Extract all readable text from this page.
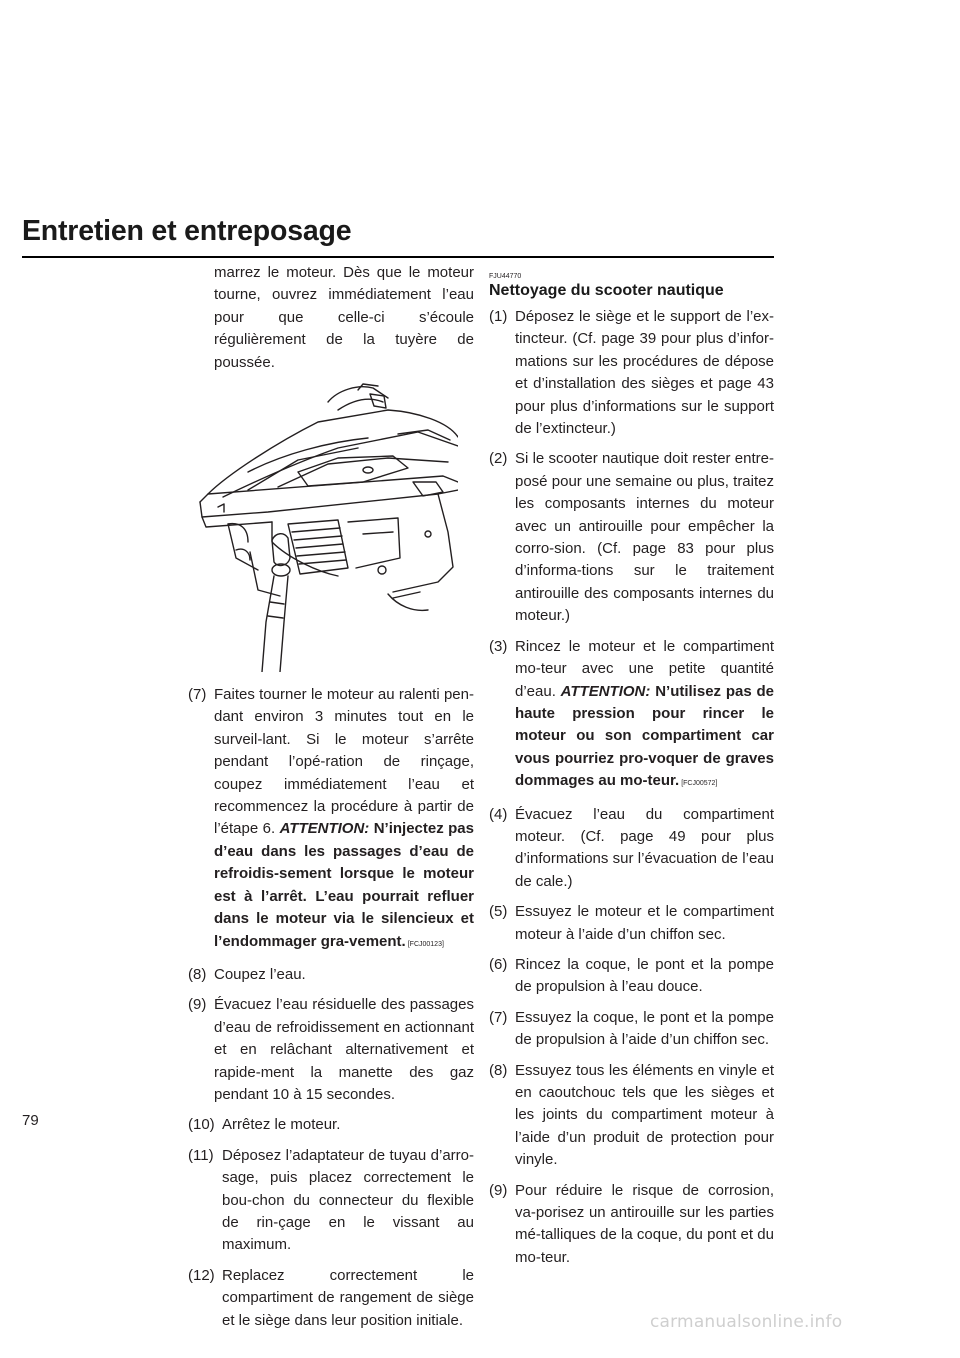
Entretien et entreposage

marrez le moteur. Dès que le moteur tourne, ouvrez immédiatement l’eau pour que celle-ci s’écoule régulièrement de la tuyère de poussée.

(7) Faites tourner le moteur au ralenti pen-dant environ 3 minutes tout en le surveil-lant. Si le moteur s’arrête pendant l’opé-ration de rinçage, coupez immédiatement l’eau et recommencez la procédure à partir de l’étape 6. ATTENTION: N’injectez pas d’eau dans les passages d’eau de refroidis-sement lorsque le moteur est à l’arrêt. L’eau pourrait refluer dans le moteur via le silencieux et l’endommager gra-vement. [FCJ00123]
(8) Coupez l’eau.
(9) Évacuez l’eau résiduelle des passages d’eau de refroidissement en actionnant et en relâchant alternativement et rapide-ment la manette des gaz pendant 10 à 15 secondes.
(10) Arrêtez le moteur.
(11) Déposez l’adaptateur de tuyau d’arro-sage, puis placez correctement le bou-chon du connecteur du flexible de rin-çage en le vissant au maximum.
(12) Replacez correctement le compartiment de rangement de siège et le siège dans leur position initiale.

FJU44770

Nettoyage du scooter nautique
(1) Déposez le siège et le support de l’ex-tincteur. (Cf. page 39 pour plus d’infor-mations sur les procédures de dépose et d’installation des sièges et page 43 pour plus d’informations sur le support de l’extincteur.)
(2) Si le scooter nautique doit rester entre-posé pour une semaine ou plus, traitez les composants internes du moteur avec un antirouille pour empêcher la corro-sion. (Cf. page 83 pour plus d’informa-tions sur le traitement antirouille des composants internes du moteur.)
(3) Rincez le moteur et le compartiment mo-teur avec une petite quantité d’eau. ATTENTION: N’utilisez pas de haute pression pour rincer le moteur ou son compartiment car vous pourriez pro-voquer de graves dommages au mo-teur. [FCJ00572]
(4) Évacuez l’eau du compartiment moteur. (Cf. page 49 pour plus d’informations sur l’évacuation de l’eau de cale.)
(5) Essuyez le moteur et le compartiment moteur à l’aide d’un chiffon sec.
(6) Rincez la coque, le pont et la pompe de propulsion à l’eau douce.
(7) Essuyez la coque, le pont et la pompe de propulsion à l’aide d’un chiffon sec.
(8) Essuyez tous les éléments en vinyle et en caoutchouc tels que les sièges et les joints du compartiment moteur à l’aide d’un produit de protection pour vinyle.
(9) Pour réduire le risque de corrosion, va-porisez un antirouille sur les parties mé-talliques de la coque, du pont et du mo-teur.
79
carmanualsonline.info
